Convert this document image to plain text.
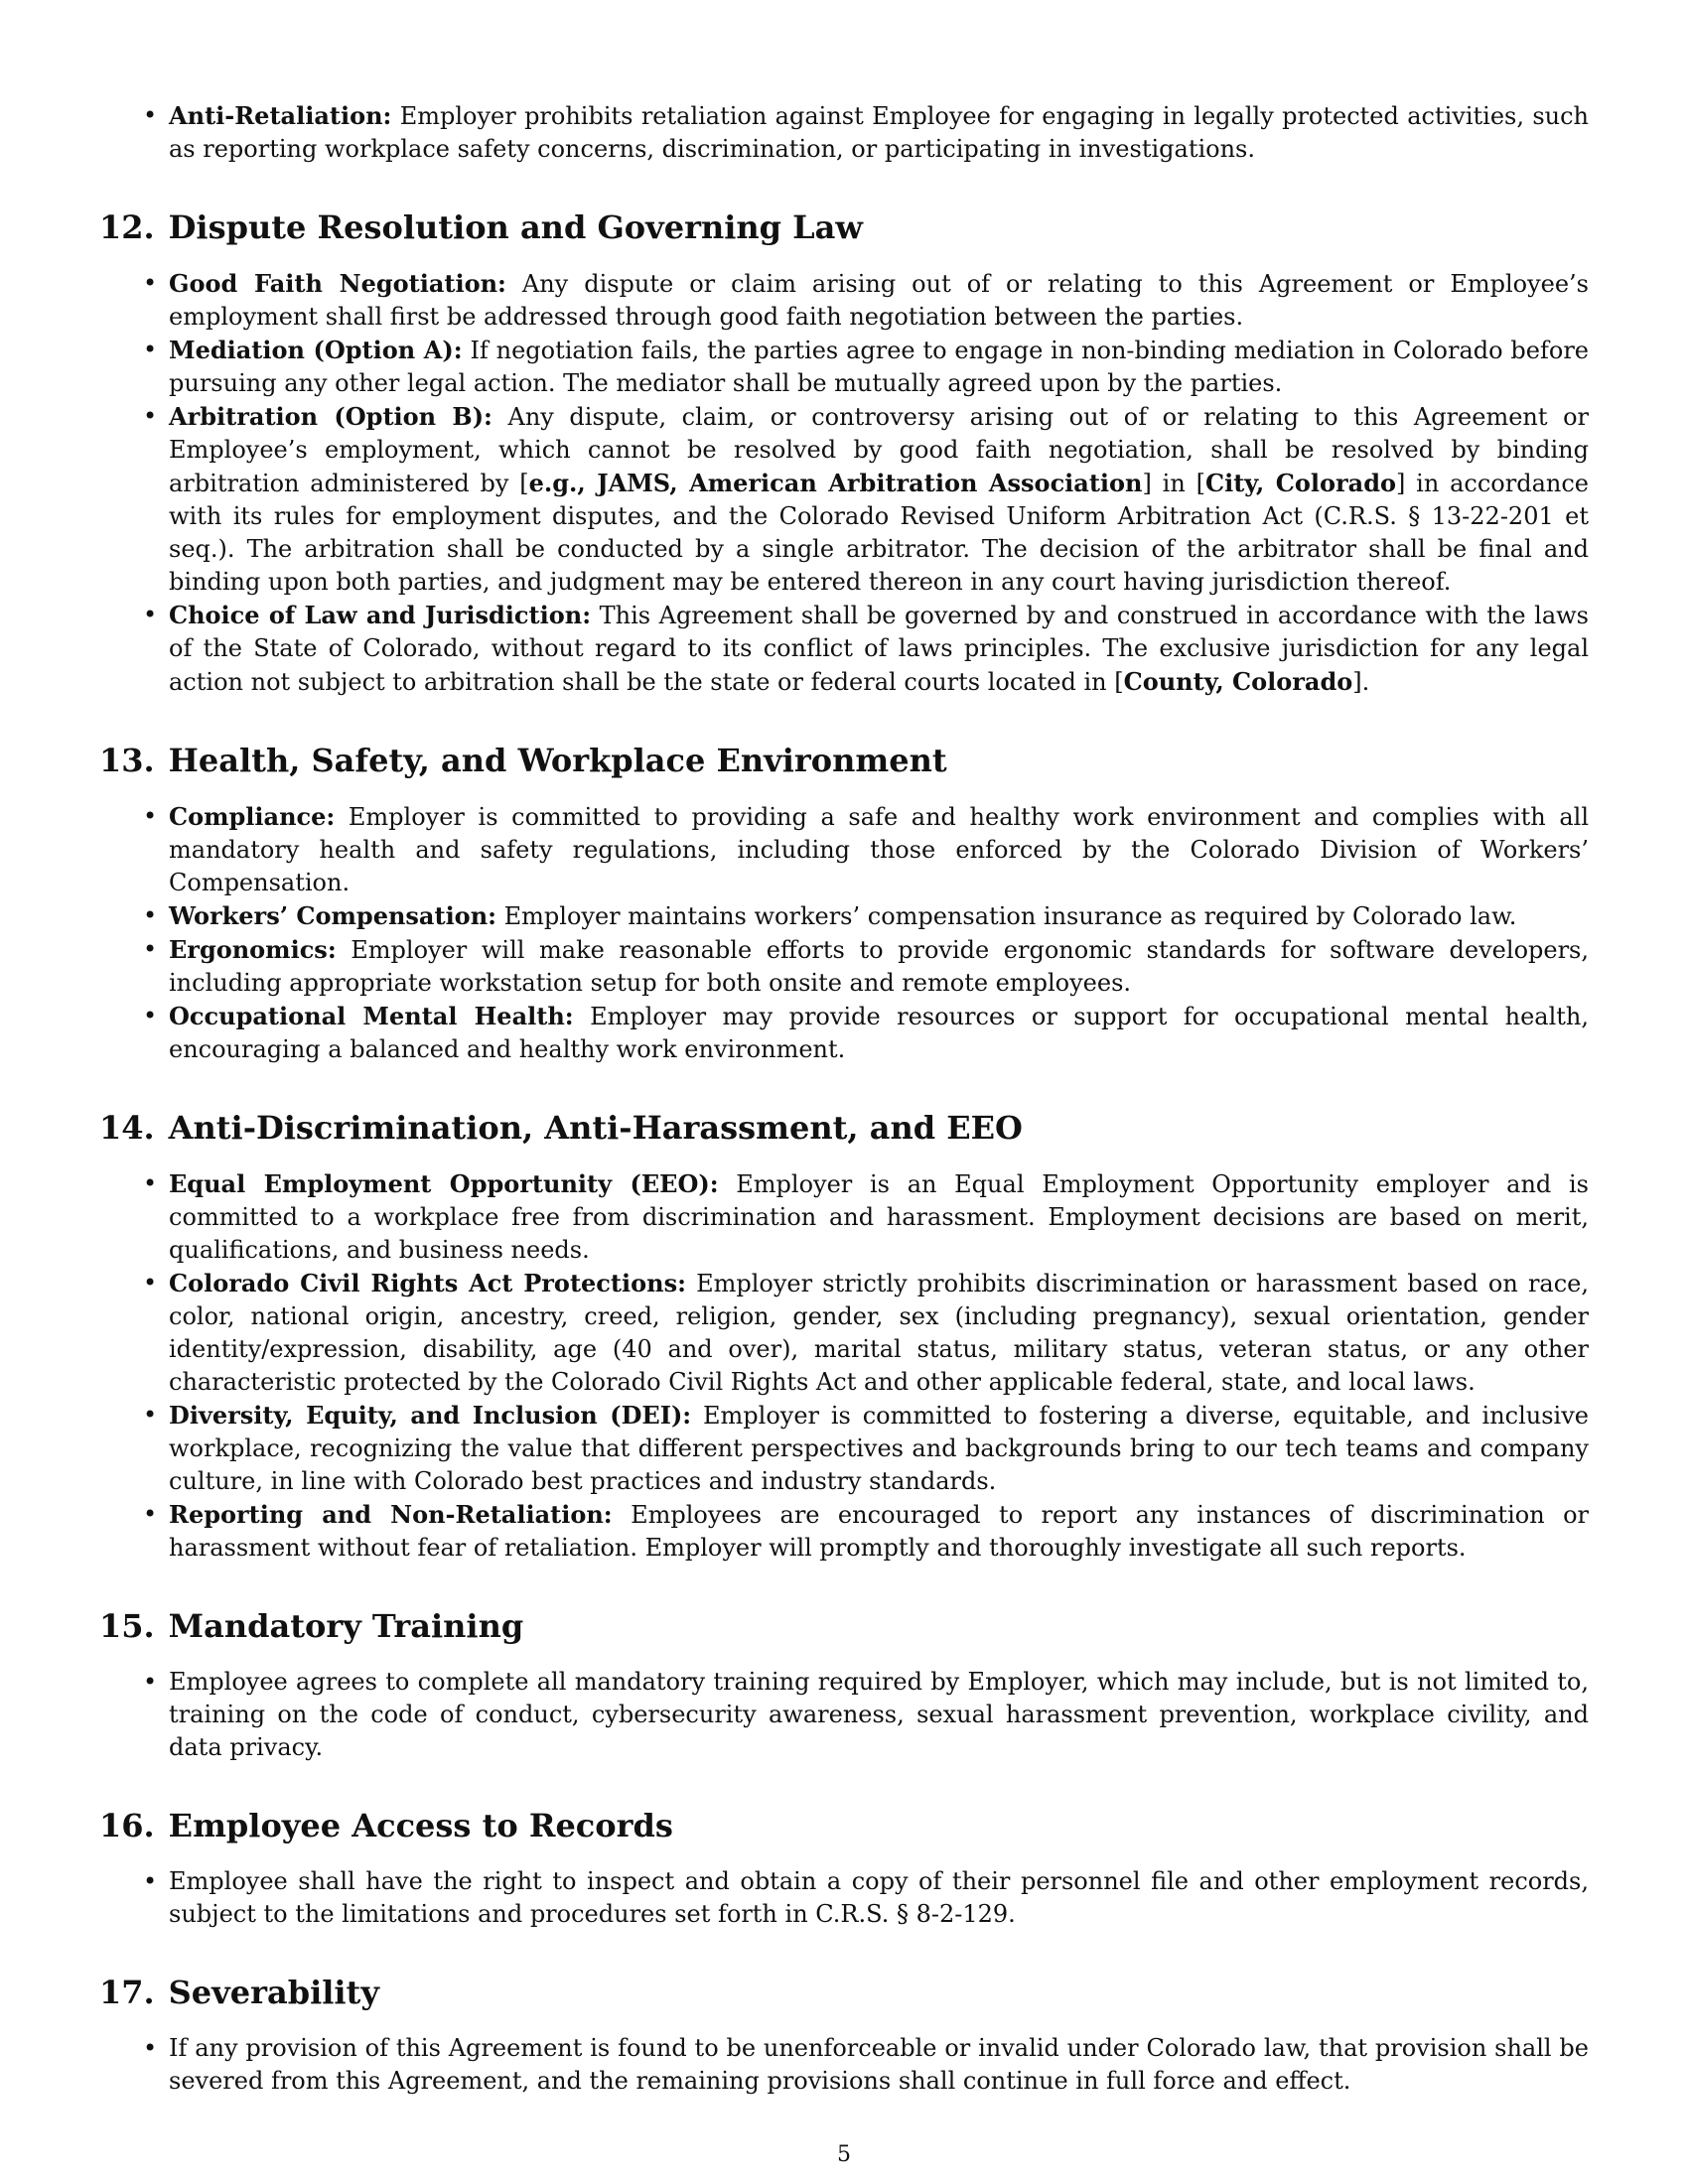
• Anti-Retaliation: Employer prohibits retaliation against Employee for engaging in legally protected activities, such as reporting workplace safety concerns, discrimination, or participating in investigations.
12. Dispute Resolution and Governing Law
• Good Faith Negotiation: Any dispute or claim arising out of or relating to this Agreement or Employee’s employment shall first be addressed through good faith negotiation between the parties.
• Mediation (Option A): If negotiation fails, the parties agree to engage in non-binding mediation in Colorado before pursuing any other legal action. The mediator shall be mutually agreed upon by the parties.
• Arbitration (Option B): Any dispute, claim, or controversy arising out of or relating to this Agreement or Employee’s employment, which cannot be resolved by good faith negotiation, shall be resolved by binding arbitration administered by [e.g., JAMS, American Arbitration Association] in [City, Colorado] in accordance with its rules for employment disputes, and the Colorado Revised Uniform Arbitration Act (C.R.S. § 13-22-201 et seq.). The arbitration shall be conducted by a single arbitrator. The decision of the arbitrator shall be final and binding upon both parties, and judgment may be entered thereon in any court having jurisdiction thereof.
• Choice of Law and Jurisdiction: This Agreement shall be governed by and construed in accordance with the laws of the State of Colorado, without regard to its conflict of laws principles. The exclusive jurisdiction for any legal action not subject to arbitration shall be the state or federal courts located in [County, Colorado].
13. Health, Safety, and Workplace Environment
• Compliance: Employer is committed to providing a safe and healthy work environment and complies with all mandatory health and safety regulations, including those enforced by the Colorado Division of Workers’ Compensation.
• Workers’ Compensation: Employer maintains workers’ compensation insurance as required by Colorado law.
• Ergonomics: Employer will make reasonable efforts to provide ergonomic standards for software developers, including appropriate workstation setup for both onsite and remote employees.
• Occupational Mental Health: Employer may provide resources or support for occupational mental health, encouraging a balanced and healthy work environment.
14. Anti-Discrimination, Anti-Harassment, and EEO
• Equal Employment Opportunity (EEO): Employer is an Equal Employment Opportunity employer and is committed to a workplace free from discrimination and harassment. Employment decisions are based on merit, qualifications, and business needs.
• Colorado Civil Rights Act Protections: Employer strictly prohibits discrimination or harassment based on race, color, national origin, ancestry, creed, religion, gender, sex (including pregnancy), sexual orientation, gender identity/expression, disability, age (40 and over), marital status, military status, veteran status, or any other characteristic protected by the Colorado Civil Rights Act and other applicable federal, state, and local laws.
• Diversity, Equity, and Inclusion (DEI): Employer is committed to fostering a diverse, equitable, and inclusive workplace, recognizing the value that different perspectives and backgrounds bring to our tech teams and company culture, in line with Colorado best practices and industry standards.
• Reporting and Non-Retaliation: Employees are encouraged to report any instances of discrimination or harassment without fear of retaliation. Employer will promptly and thoroughly investigate all such reports.
15. Mandatory Training
• Employee agrees to complete all mandatory training required by Employer, which may include, but is not limited to, training on the code of conduct, cybersecurity awareness, sexual harassment prevention, workplace civility, and data privacy.
16. Employee Access to Records
• Employee shall have the right to inspect and obtain a copy of their personnel file and other employment records, subject to the limitations and procedures set forth in C.R.S. § 8-2-129.
17. Severability
• If any provision of this Agreement is found to be unenforceable or invalid under Colorado law, that provision shall be severed from this Agreement, and the remaining provisions shall continue in full force and effect.
5
